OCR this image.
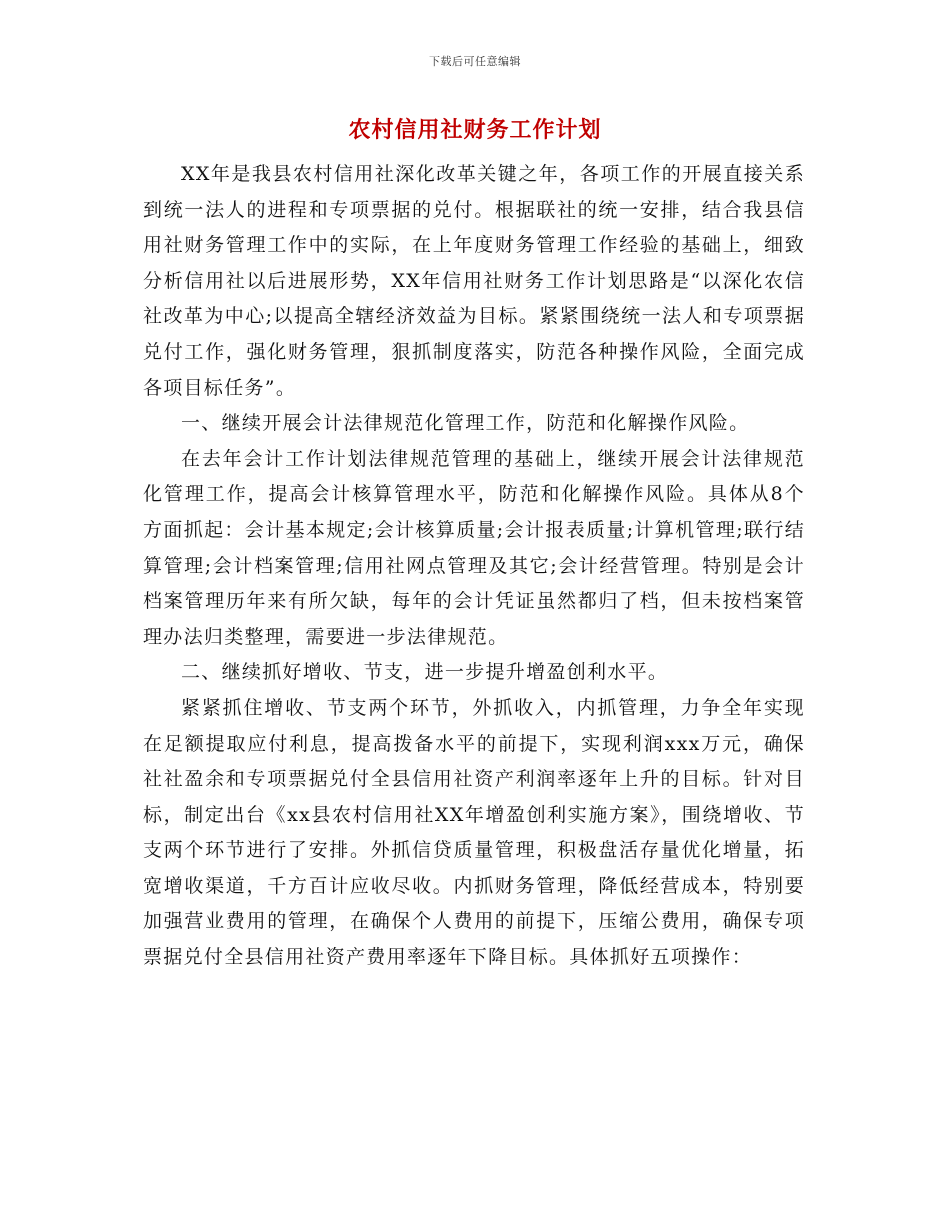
下载后可任意编辑
农村信用社财务工作计划

XX年是我县农村信用社深化改革关键之年，各项工作的开展直接关系到统一法人的进程和专项票据的兑付。根据联社的统一安排，结合我县信用社财务管理工作中的实际，在上年度财务管理工作经验的基础上，细致分析信用社以后进展形势，XX年信用社财务工作计划思路是“以深化农信社改革为中心;以提高全辖经济效益为目标。紧紧围绕统一法人和专项票据兑付工作，强化财务管理，狠抓制度落实，防范各种操作风险，全面完成各项目标任务”。

一、继续开展会计法律规范化管理工作，防范和化解操作风险。

在去年会计工作计划法律规范管理的基础上，继续开展会计法律规范化管理工作，提高会计核算管理水平，防范和化解操作风险。具体从8个方面抓起：会计基本规定;会计核算质量;会计报表质量;计算机管理;联行结算管理;会计档案管理;信用社网点管理及其它;会计经营管理。特别是会计档案管理历年来有所欠缺，每年的会计凭证虽然都归了档，但未按档案管理办法归类整理，需要进一步法律规范。

二、继续抓好增收、节支，进一步提升增盈创利水平。

紧紧抓住增收、节支两个环节，外抓收入，内抓管理，力争全年实现在足额提取应付利息，提高拨备水平的前提下，实现利润xxx万元，确保社社盈余和专项票据兑付全县信用社资产利润率逐年上升的目标。针对目标，制定出台《xx县农村信用社XX年增盈创利实施方案》，围绕增收、节支两个环节进行了安排。外抓信贷质量管理，积极盘活存量优化增量，拓宽增收渠道，千方百计应收尽收。内抓财务管理，降低经营成本，特别要加强营业费用的管理，在确保个人费用的前提下，压缩公费用，确保专项票据兑付全县信用社资产费用率逐年下降目标。具体抓好五项操作：
